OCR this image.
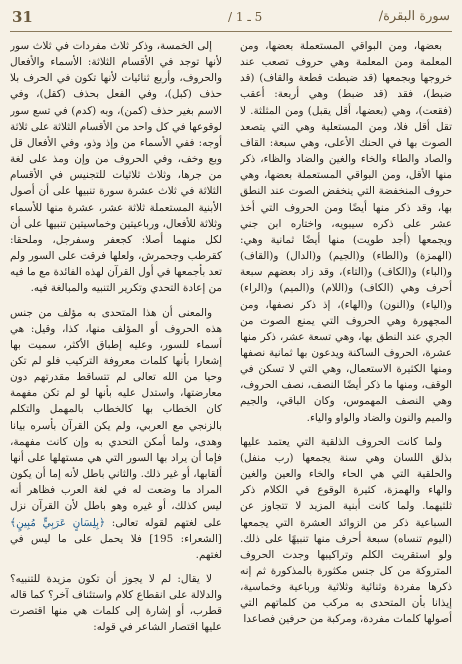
31	5 ـ 1 /	سورة البقرة/

بعضها، ومن البواقي المستعملة بعضها، ومن المعلمة ومن المعلمة وهي حروف تصعب عند خروجها وبجمعها (قد ضبطت قطعة والقاف) (قد ضبط)، فقد (قد ضبط) وهي أربعة: أعقب (فقعت)، وهي (بعضها، أقل يقبل) ومن المثلثة. لا تقل أقل فلا، ومن المستعلية وهي التي يتصعد الصوت بها في الحنك الأعلى، وهي سبعة: القاف والصاد والطاء والخاء والغين والضاد والظاء، ذكر منها الأقل، ومن البواقي المستعملة بعضها، وهي حروف المنخفضة التي ينخفض الصوت عند النطق بها، وقد ذكر منها أيضًا ومن الحروف التي أخذ عشر على ذكره سيبويه، واختاره ابن جني ويجمعها (أجد طويت) منها أيضًا ثمانية وهي: (الهمزة) و(الطاء) و(الجيم) و(الدال) و(القاف) و(الباء) و(الكاف) و(التاء)، وقد زاد بعضهم سبعة أحرف وهي (الكاف) و(اللام) و(الميم) و(الراء) و(الياء) و(النون) و(الهاء)، إذ ذكر نصفها، ومن المجهورة وهي الحروف التي يمنع الصوت من الجري عند النطق بها، وهي تسعة عشر، ذكر منها عشرة، الحروف الساكنة ويدعون بها ثمانية نصفها ومنها الكثيرة الاستعمال، وهي التي لا تسكن في الوقف، ومنها ما ذكر أيضًا النصف، نصف الحروف، وهي النصف المهموس، وكان الباقي، والجيم والميم والنون والضاد والواو والياء.

ولما كانت الحروف الذلقية التي يعتمد عليها بذلق اللسان وهي سنة يجمعها (رب منفل) والحلقية التي هي الحاء والخاء والعين والغين والهاء والهمزة، كثيرة الوقوع في الكلام ذكر ثلثيهما. ولما كانت أبنية المزيد لا تتجاوز عن السباعية ذكر من الزوائد العشرة التي يجمعها (اليوم تنساه) سبعة أحرف منها تنبيهًا على ذلك. ولو استقريت الكلم وتراكيبها وجدت الحروف المتروكة من كل جنس مكثورة بالمذكورة ثم إنه ذكرها مفردة وثنائية وثلاثية ورباعية وخماسية، إيذانا بأن المتحدى به مركب من كلماتهم التي أصولها كلمات مفردة، ومركبة من حرفين فصاعدا

إلى الخمسة، وذكر ثلاث مفردات في ثلاث سور لأنها توجد في الأقسام الثلاثة: الأسماء والأفعال والحروف، وأربع ثنائيات لأنها تكون في الحرف بلا حذف (كبل)، وفي الفعل بحذف (كقل)، وفي الاسم بغير حذف (كمن)، وبه (كدم) في تسع سور لوقوعها في كل واحد من الأقسام الثلاثة على ثلاثة أوجه: ففي الأسماء من وإذ وذو، وفي الأفعال قل وبع وخف، وفي الحروف من وإن ومذ على لغة من جرها، وثلاث ثلاثيات للتجنيس في الأقسام الثلاثة في ثلاث عشرة سورة تنبيها على أن أصول الأبنية المستعملة ثلاثة عشر، عشرة منها للأسماء وثلاثة للأفعال، ورباعيتين وخماسيتين تنبيها على أن لكل منهما أصلا: كجعفر وسفرجل، وملحقا: كقرطب وجحمرش، ولعلها فرقت على السور ولم تعد بأجمعها في أول القرآن لهذه الفائدة مع ما فيه من إعادة التحدي وتكرير التنبيه والمبالغة فيه.

والمعنى أن هذا المتحدى به مؤلف من جنس هذه الحروف أو المؤلف منها، كذا، وقيل: هي أسماء للسور، وعليه إطباق الأكثر، سميت بها إشعارا بأنها كلمات معروفة التركيب فلو لم تكن وحيا من الله تعالى لم تتساقط مقدرتهم دون معارضتها، واستدل عليه بأنها لو لم تكن مفهمة كان الخطاب بها كالخطاب بالمهمل والتكلم بالزنجي مع العربي، ولم يكن القرآن بأسره بيانا وهدى، ولما أمكن التحدي به وإن كانت مفهمة، فإما أن يراد بها السور التي هي مستهلها على أنها ألقابها، أو غير ذلك. والثاني باطل لأنه إما أن يكون المراد ما وضعت له في لغة العرب فظاهر أنه ليس كذلك، أو غيره وهو باطل لأن القرآن نزل على لغتهم لقوله تعالى: ﴿بِلِسَانٍ عَرَبِيٍّ مُبِينٍ﴾ [الشعراء: 195] فلا يحمل على ما ليس في لغتهم.

لا يقال: لم لا يجوز أن تكون مزيدة للتنبيه؟ والدلالة على انقطاع كلام واستئناف آخر؟ كما قاله قطرب، أو إشارة إلى كلمات هي منها اقتصرت عليها اقتصار الشاعر في قوله:
